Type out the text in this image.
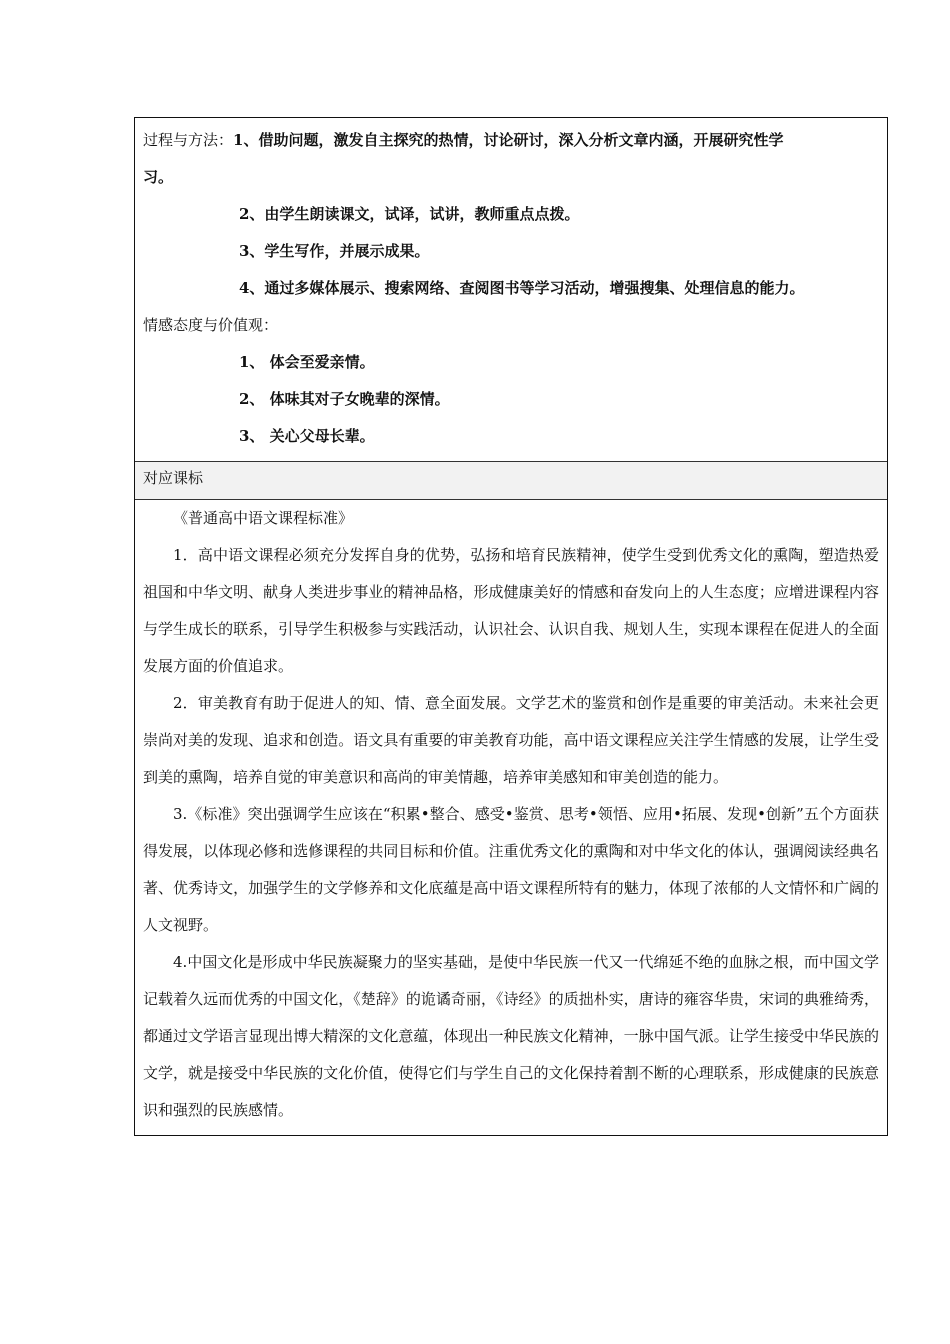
过程与方法：1、借助问题，激发自主探究的热情，讨论研讨，深入分析文章内涵，开展研究性学
习。
2、由学生朗读课文，试译，试讲，教师重点点拨。
3、学生写作，并展示成果。
4、通过多媒体展示、搜索网络、查阅图书等学习活动，增强搜集、处理信息的能力。
情感态度与价值观：
1、 体会至爱亲情。
2、 体味其对子女晚辈的深情。
3、 关心父母长辈。
对应课标

《普通高中语文课程标准》

1．高中语文课程必须充分发挥自身的优势，弘扬和培育民族精神，使学生受到优秀文化的熏陶，塑造热爱祖国和中华文明、献身人类进步事业的精神品格，形成健康美好的情感和奋发向上的人生态度；应增进课程内容与学生成长的联系，引导学生积极参与实践活动，认识社会、认识自我、规划人生，实现本课程在促进人的全面发展方面的价值追求。

2．审美教育有助于促进人的知、情、意全面发展。文学艺术的鉴赏和创作是重要的审美活动。未来社会更崇尚对美的发现、追求和创造。语文具有重要的审美教育功能，高中语文课程应关注学生情感的发展，让学生受到美的熏陶，培养自觉的审美意识和高尚的审美情趣，培养审美感知和审美创造的能力。

3.《标准》突出强调学生应该在“积累•整合、感受•鉴赏、思考•领悟、应用•拓展、发现•创新”五个方面获得发展，以体现必修和选修课程的共同目标和价值。注重优秀文化的熏陶和对中华文化的体认，强调阅读经典名著、优秀诗文，加强学生的文学修养和文化底蕴是高中语文课程所特有的魅力，体现了浓郁的人文情怀和广阔的人文视野。

4.中国文化是形成中华民族凝聚力的坚实基础，是使中华民族一代又一代绵延不绝的血脉之根，而中国文学记载着久远而优秀的中国文化，《楚辞》的诡谲奇丽，《诗经》的质拙朴实，唐诗的雍容华贵，宋词的典雅绮秀，都通过文学语言显现出博大精深的文化意蕴，体现出一种民族文化精神，一脉中国气派。让学生接受中华民族的文学，就是接受中华民族的文化价值，使得它们与学生自己的文化保持着割不断的心理联系，形成健康的民族意识和强烈的民族感情。
